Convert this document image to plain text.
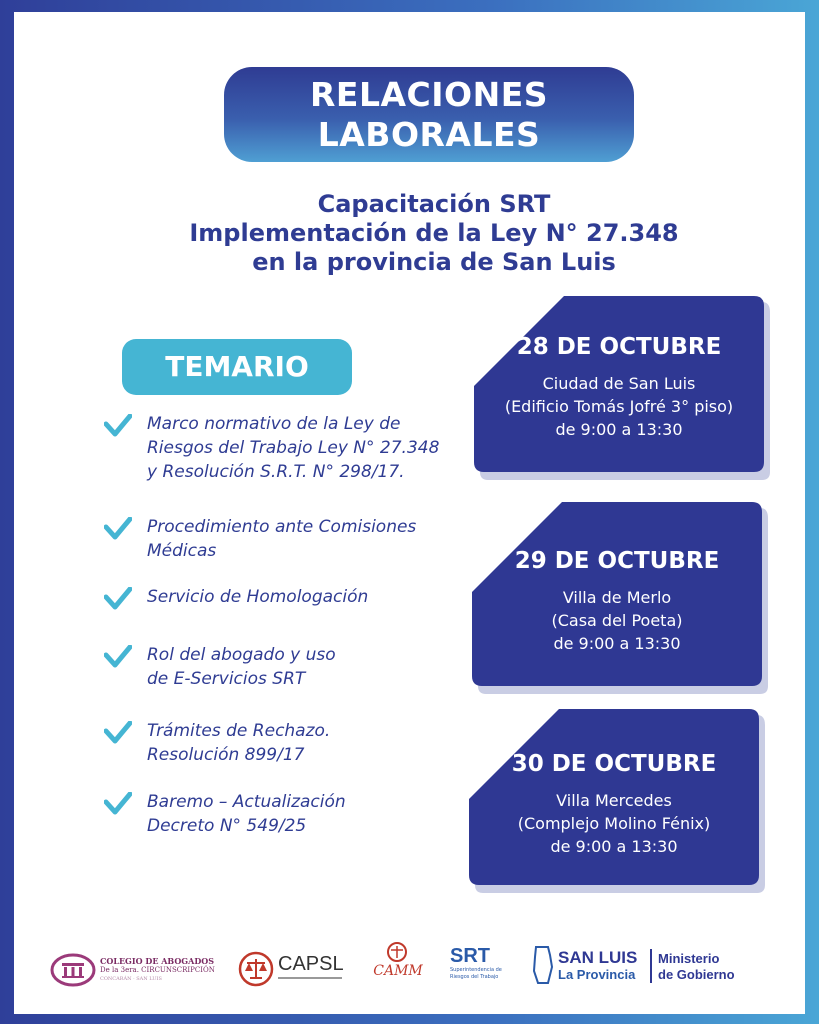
RELACIONES
LABORALES
Capacitación SRT
Implementación de la Ley N° 27.348
en la provincia de San Luis
TEMARIO
Marco normativo de la Ley de
Riesgos del Trabajo Ley N° 27.348
y Resolución S.R.T. N° 298/17.
Procedimiento ante Comisiones
Médicas
Servicio de Homologación
Rol del abogado y uso
de E-Servicios SRT
Trámites de Rechazo.
Resolución 899/17
Baremo – Actualización
Decreto N° 549/25
28 DE OCTUBRE
Ciudad de San Luis
(Edificio Tomás Jofré 3° piso)
de 9:00 a 13:30
29 DE OCTUBRE
Villa de Merlo
(Casa del Poeta)
de 9:00 a 13:30
30 DE OCTUBRE
Villa Mercedes
(Complejo Molino Fénix)
de 9:00 a 13:30
COLEGIO DE ABOGADOS
De la 3era. CIRCUNSCRIPCIÓN
CONCARÁN · SAN LUIS
CAPSL CAMM
SRT
Superintendencia de Riesgos del Trabajo
SAN LUIS
La Provincia
Ministerio
de Gobierno
